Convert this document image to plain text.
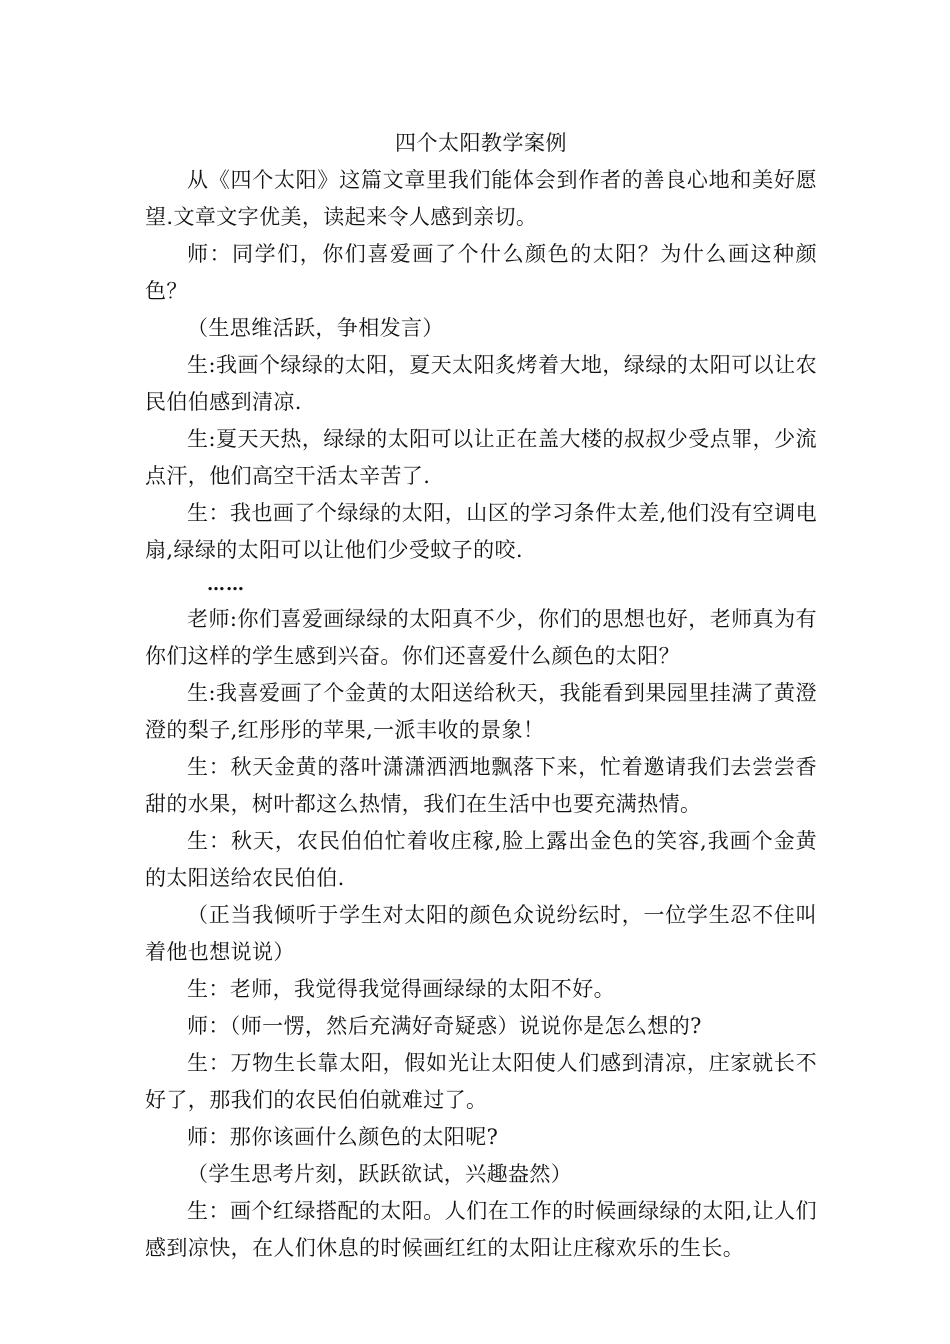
四个太阳教学案例

从《四个太阳》这篇文章里我们能体会到作者的善良心地和美好愿望.文章文字优美，读起来令人感到亲切。

师：同学们，你们喜爱画了个什么颜色的太阳？为什么画这种颜色？

（生思维活跃，争相发言）

生:我画个绿绿的太阳，夏天太阳炙烤着大地，绿绿的太阳可以让农民伯伯感到清凉.

生:夏天天热，绿绿的太阳可以让正在盖大楼的叔叔少受点罪，少流点汗，他们高空干活太辛苦了.

生：我也画了个绿绿的太阳，山区的学习条件太差,他们没有空调电扇,绿绿的太阳可以让他们少受蚊子的咬.

……

老师:你们喜爱画绿绿的太阳真不少，你们的思想也好，老师真为有你们这样的学生感到兴奋。你们还喜爱什么颜色的太阳？

生:我喜爱画了个金黄的太阳送给秋天，我能看到果园里挂满了黄澄澄的梨子,红彤彤的苹果,一派丰收的景象！

生：秋天金黄的落叶潇潇洒洒地飘落下来，忙着邀请我们去尝尝香甜的水果，树叶都这么热情，我们在生活中也要充满热情。

生：秋天，农民伯伯忙着收庄稼,脸上露出金色的笑容,我画个金黄的太阳送给农民伯伯.

（正当我倾听于学生对太阳的颜色众说纷纭时，一位学生忍不住叫着他也想说说）

生：老师，我觉得我觉得画绿绿的太阳不好。

师：（师一愣，然后充满好奇疑惑）说说你是怎么想的?

生：万物生长靠太阳，假如光让太阳使人们感到清凉，庄家就长不好了，那我们的农民伯伯就难过了。

师：那你该画什么颜色的太阳呢?

（学生思考片刻，跃跃欲试，兴趣盎然）

生：画个红绿搭配的太阳。人们在工作的时候画绿绿的太阳,让人们感到凉快，在人们休息的时候画红红的太阳让庄稼欢乐的生长。
